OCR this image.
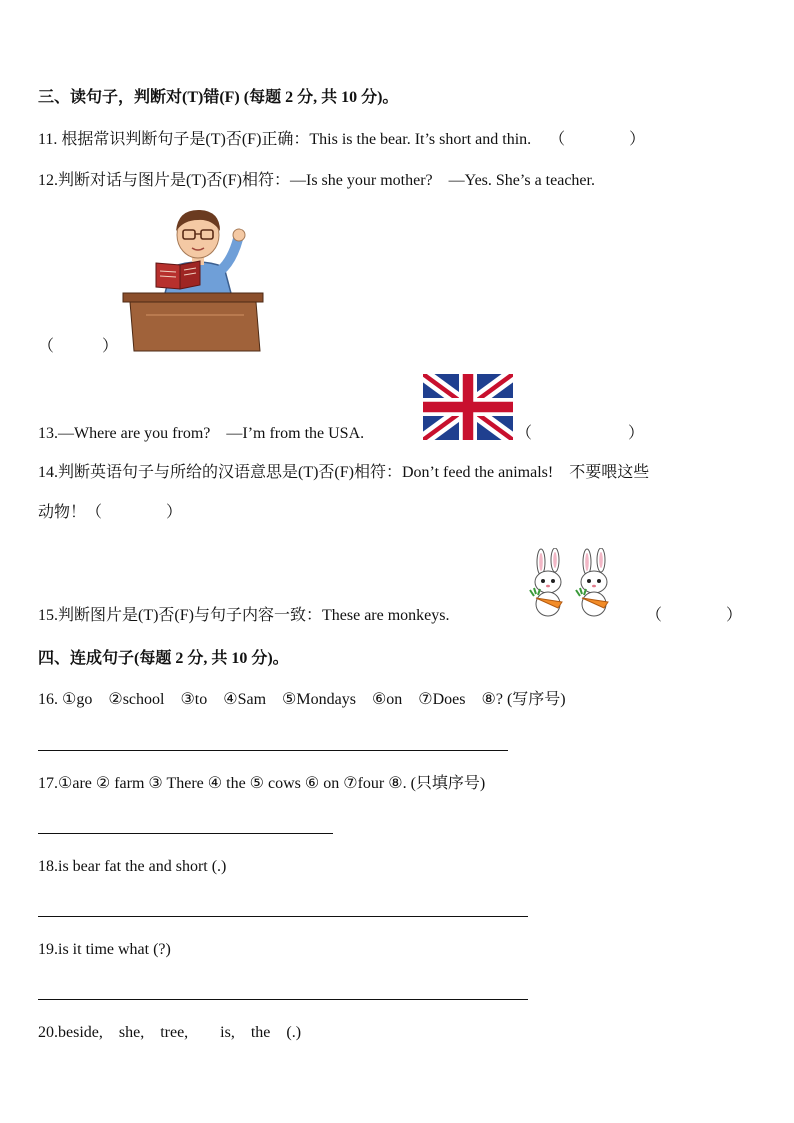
三、读句子，判断对(T)错(F) (每题 2 分, 共 10 分)。
11. 根据常识判断句子是(T)否(F)正确：This is the bear. It’s short and thin. （　　　　）
12.判断对话与图片是(T)否(F)相符：—Is she your mother?　—Yes. She’s a teacher.
（　　　）
13.—Where are you from?　—I’m from the USA.	（　　　　　　）
14.判断英语句子与所给的汉语意思是(T)否(F)相符：Don’t feed the animals!　不要喂这些
动物！（　　　　）
15.判断图片是(T)否(F)与句子内容一致：These are monkeys.	（　　　　）
四、连成句子(每题 2 分, 共 10 分)。
16. ①go　②school　③to　④Sam　⑤Mondays　⑥on　⑦Does　⑧? (写序号)
17.①are ② farm ③ There ④ the ⑤ cows ⑥ on ⑦four ⑧. (只填序号)
18.is bear fat the and short (.)
19.is it time what (?)
20.beside,　she,　tree,　　is,　the　(.)
